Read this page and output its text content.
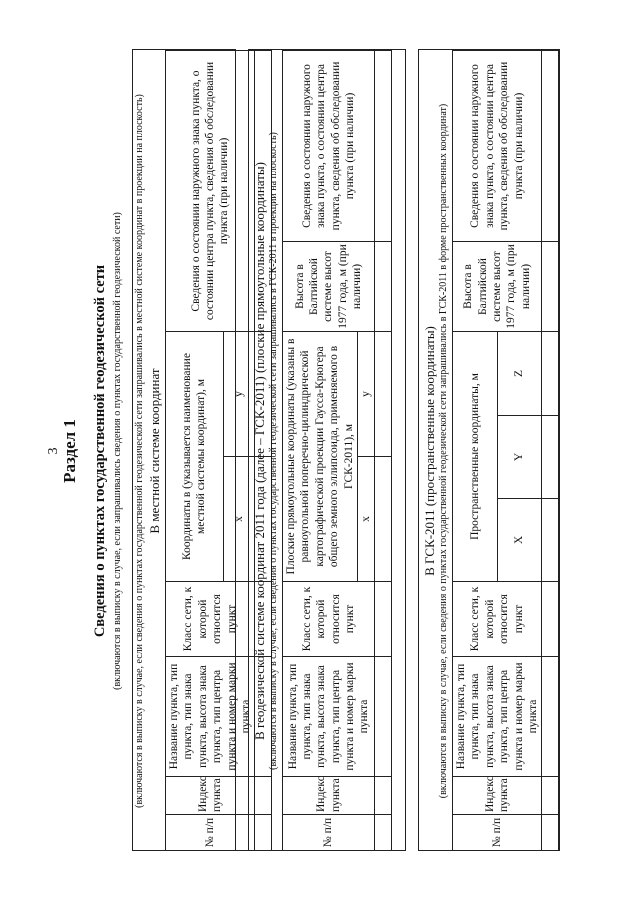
3 Раздел 1 Сведения о пунктах государственной геодезической сети (включаются в выписку в случае, если запрашивались сведения о пунктах государственной геодезической сети) (включаются в выписку в случае, если сведения о пунктах государственной геодезической сети запрашивались в местной системе координат в проекции на плоскость) В местной системе координат
№ п/п	Индекс пункта	Название пункта, тип пункта, тип знака пункта, высота знака пункта, тип центра пункта и номер марки пункта	Класс сети, к которой относится пункт	Координаты в (указывается наименование местной системы координат), м		Сведения о состоянии наружного знака пункта, о состоянии центра пункта, сведения об обследовании пункта (при наличии)
				x	y	
						В геодезической системе координат 2011 года (далее – ГСК-2011) (плоские прямоугольные координаты) (включаются в выписку в случае, если сведения о пунктах государственной геодезической сети запрашивались в ГСК-2011 в проекции на плоскость)
№ п/п	Индекс пункта	Название пункта, тип пункта, тип знака пункта, высота знака пункта, тип центра пункта и номер марки пункта	Класс сети, к которой относится пункт	Плоские прямоугольные координаты (указаны в равноугольной поперечно-цилиндрической картографической проекции Гаусса-Крюгера общего земного эллипсоида, применяемого в ГСК-2011), м		Высота в Балтийской системе высот 1977 года, м (при наличии)	Сведения о состоянии наружного знака пункта, о состоянии центра пункта, сведения об обследовании пункта (при наличии)
				x	y		
								В ГСК-2011 (пространственные координаты) (включаются в выписку в случае, если сведения о пунктах государственной геодезической сети запрашивались в ГСК-2011 в форме пространственных координат)
№ п/п	Индекс пункта	Название пункта, тип пункта, тип знака пункта, высота знака пункта, тип центра пункта и номер марки пункта	Класс сети, к которой относится пункт	Пространственные координаты, м			Высота в Балтийской системе высот 1977 года, м (при наличии)	Сведения о состоянии наружного знака пункта, о состоянии центра пункта, сведения об обследовании пункта (при наличии)
				X	Y	Z		
